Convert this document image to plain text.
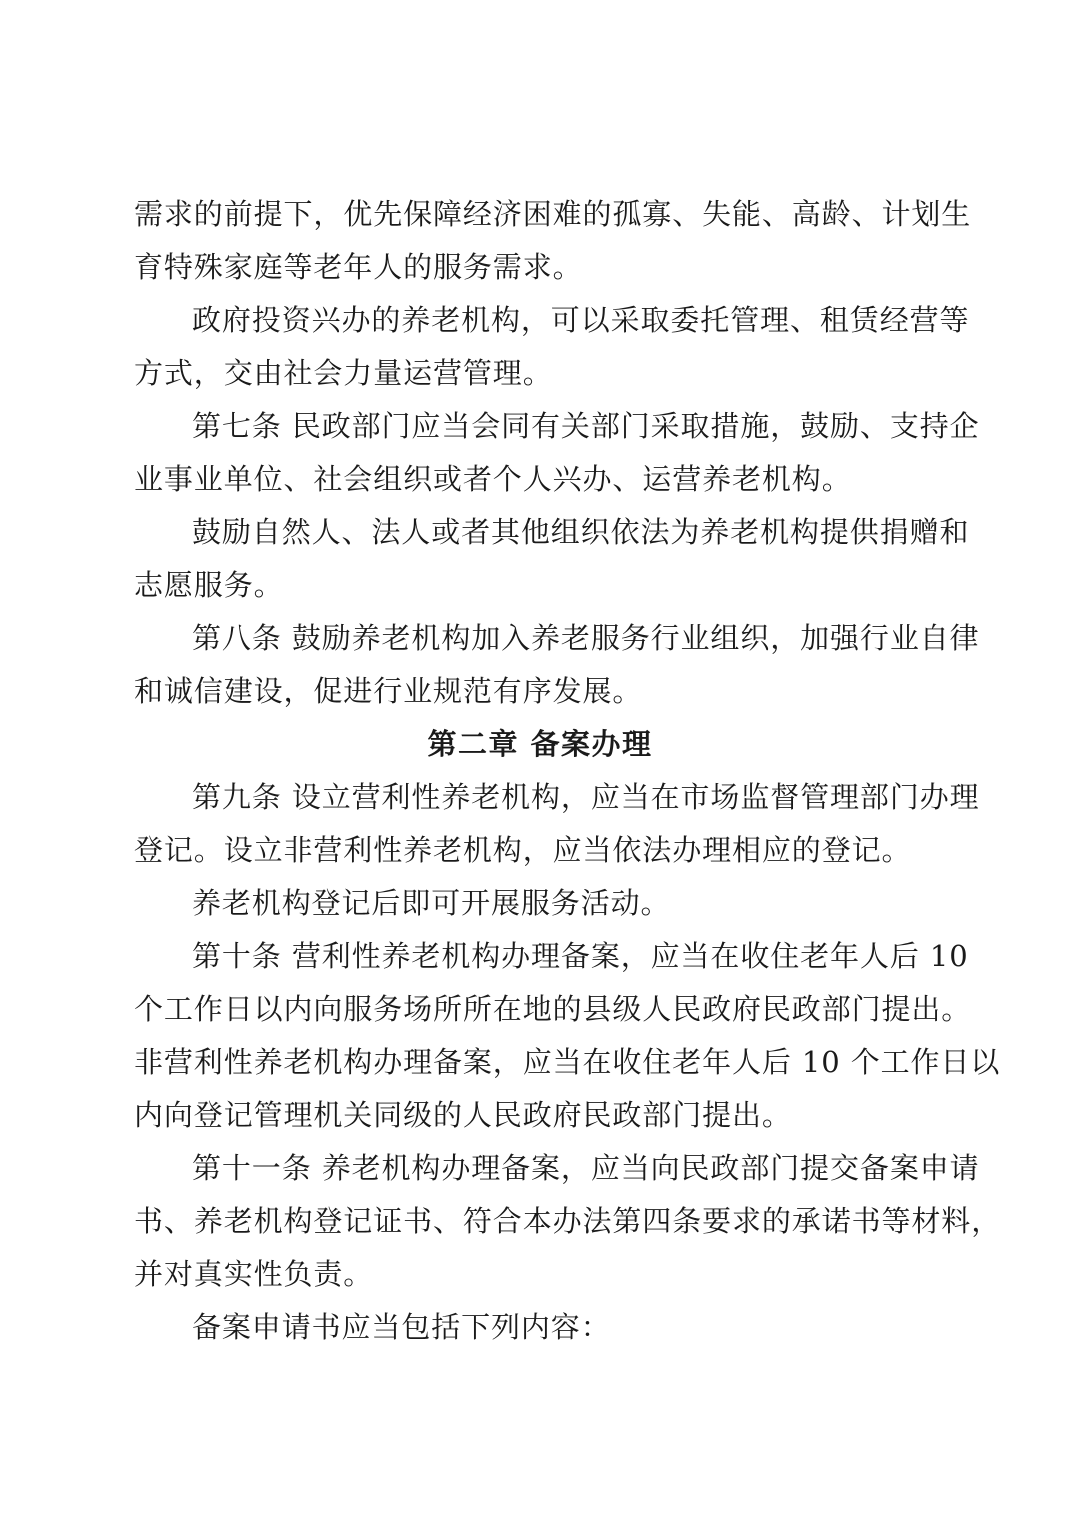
需求的前提下，优先保障经济困难的孤寡、失能、高龄、计划生
育特殊家庭等老年人的服务需求。
政府投资兴办的养老机构，可以采取委托管理、租赁经营等
方式，交由社会力量运营管理。
第七条 民政部门应当会同有关部门采取措施，鼓励、支持企
业事业单位、社会组织或者个人兴办、运营养老机构。
鼓励自然人、法人或者其他组织依法为养老机构提供捐赠和
志愿服务。
第八条 鼓励养老机构加入养老服务行业组织，加强行业自律
和诚信建设，促进行业规范有序发展。
第二章 备案办理
第九条 设立营利性养老机构，应当在市场监督管理部门办理
登记。设立非营利性养老机构，应当依法办理相应的登记。
养老机构登记后即可开展服务活动。
第十条 营利性养老机构办理备案，应当在收住老年人后 10
个工作日以内向服务场所所在地的县级人民政府民政部门提出。
非营利性养老机构办理备案，应当在收住老年人后 10 个工作日以
内向登记管理机关同级的人民政府民政部门提出。
第十一条 养老机构办理备案，应当向民政部门提交备案申请
书、养老机构登记证书、符合本办法第四条要求的承诺书等材料，
并对真实性负责。
备案申请书应当包括下列内容：
